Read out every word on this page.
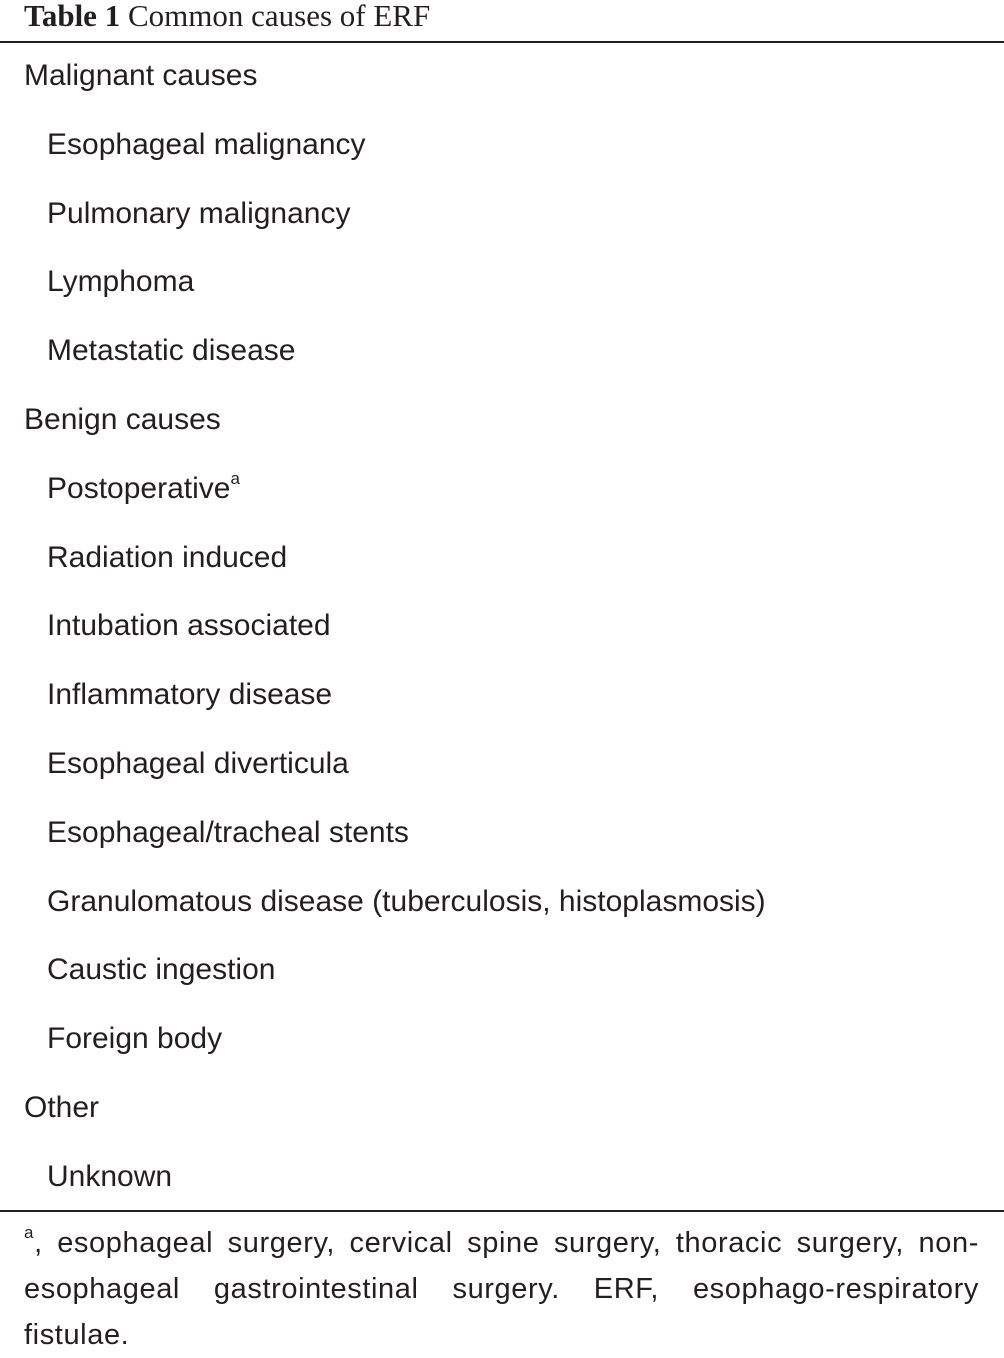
Table 1 Common causes of ERF
Malignant causes
Esophageal malignancy
Pulmonary malignancy
Lymphoma
Metastatic disease
Benign causes
Postoperative$^a$
Radiation induced
Intubation associated
Inflammatory disease
Esophageal diverticula
Esophageal/tracheal stents
Granulomatous disease (tuberculosis, histoplasmosis)
Caustic ingestion
Foreign body
Other
Unknown
$^a$, esophageal surgery, cervical spine surgery, thoracic surgery, non-esophageal gastrointestinal surgery. ERF, esophago-respiratory fistulae.
